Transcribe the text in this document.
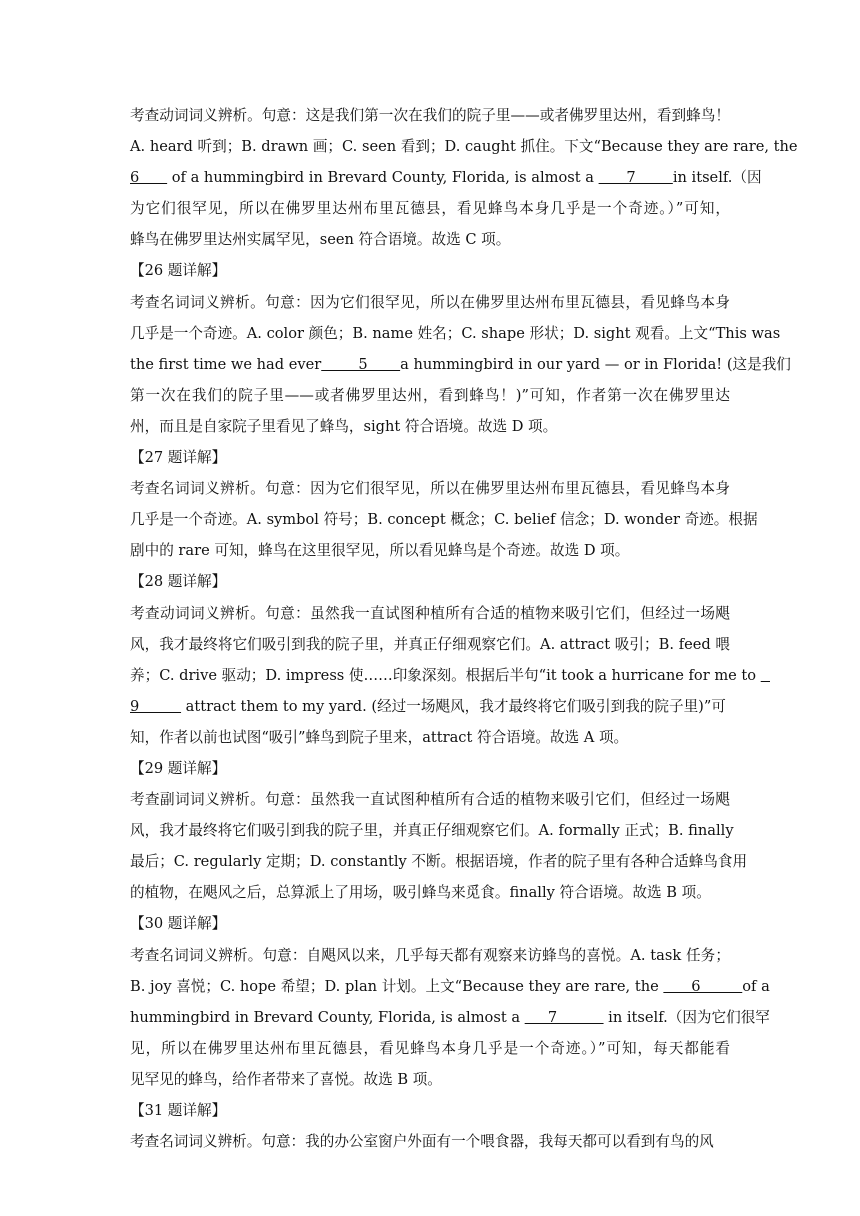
考查动词词义辨析。句意：这是我们第一次在我们的院子里——或者佛罗里达州，看到蜂鸟！
A. heard 听到；B. drawn 画；C. seen 看到；D. caught 抓住。下文“Because they are rare, the
6       of a hummingbird in Brevard County, Florida, is almost a       7        in itself.（因
为它们很罕见，所以在佛罗里达州布里瓦德县，看见蜂鸟本身几乎是一个奇迹。）”可知，
蜂鸟在佛罗里达州实属罕见，seen 符合语境。故选 C 项。
【26 题详解】
考查名词词义辨析。句意：因为它们很罕见，所以在佛罗里达州布里瓦德县，看见蜂鸟本身
几乎是一个奇迹。A. color 颜色；B. name 姓名；C. shape 形状；D. sight 观看。上文“This was
the first time we had ever        5       a hummingbird in our yard — or in Florida! (这是我们
第一次在我们的院子里——或者佛罗里达州，看到蜂鸟！)”可知，作者第一次在佛罗里达
州，而且是自家院子里看见了蜂鸟，sight 符合语境。故选 D 项。
【27 题详解】
考查名词词义辨析。句意：因为它们很罕见，所以在佛罗里达州布里瓦德县，看见蜂鸟本身
几乎是一个奇迹。A. symbol 符号；B. concept 概念；C. belief 信念；D. wonder 奇迹。根据
剧中的 rare 可知，蜂鸟在这里很罕见，所以看见蜂鸟是个奇迹。故选 D 项。
【28 题详解】
考查动词词义辨析。句意：虽然我一直试图种植所有合适的植物来吸引它们，但经过一场飓
风，我才最终将它们吸引到我的院子里，并真正仔细观察它们。A. attract 吸引；B. feed 喂
养；C. drive 驱动；D. impress 使……印象深刻。根据后半句“it took a hurricane for me to
9          attract them to my yard. (经过一场飓风，我才最终将它们吸引到我的院子里)”可
知，作者以前也试图“吸引”蜂鸟到院子里来，attract 符合语境。故选 A 项。
【29 题详解】
考查副词词义辨析。句意：虽然我一直试图种植所有合适的植物来吸引它们，但经过一场飓
风，我才最终将它们吸引到我的院子里，并真正仔细观察它们。A. formally 正式；B. finally
最后；C. regularly 定期；D. constantly 不断。根据语境，作者的院子里有各种合适蜂鸟食用
的植物，在飓风之后，总算派上了用场，吸引蜂鸟来觅食。finally 符合语境。故选 B 项。
【30 题详解】
考查名词词义辨析。句意：自飓风以来，几乎每天都有观察来访蜂鸟的喜悦。A. task 任务；
B. joy 喜悦；C. hope 希望；D. plan 计划。上文“Because they are rare, the       6         of a
hummingbird in Brevard County, Florida, is almost a      7           in itself.（因为它们很罕
见，所以在佛罗里达州布里瓦德县，看见蜂鸟本身几乎是一个奇迹。）”可知，每天都能看
见罕见的蜂鸟，给作者带来了喜悦。故选 B 项。
【31 题详解】
考查名词词义辨析。句意：我的办公室窗户外面有一个喂食器，我每天都可以看到有鸟的风
